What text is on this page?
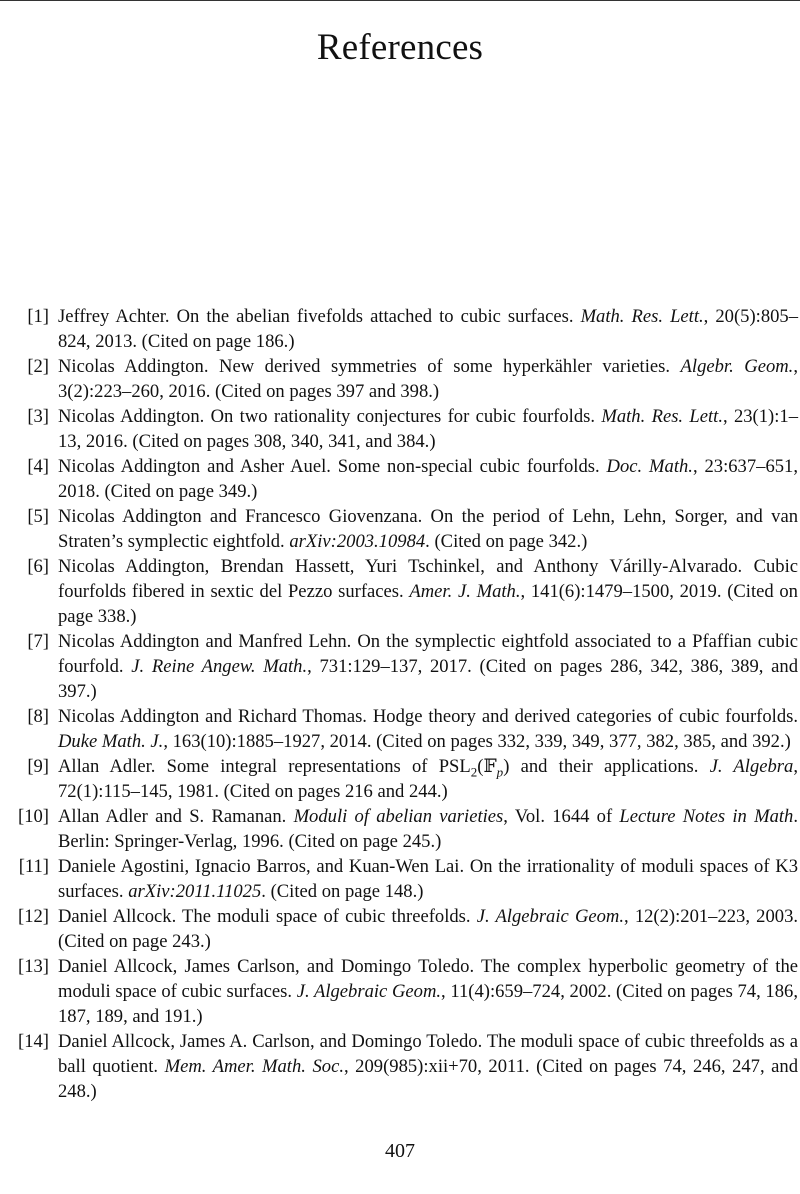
References
[1] Jeffrey Achter. On the abelian fivefolds attached to cubic surfaces. Math. Res. Lett., 20(5):805–824, 2013. (Cited on page 186.)
[2] Nicolas Addington. New derived symmetries of some hyperkähler varieties. Algebr. Geom., 3(2):223–260, 2016. (Cited on pages 397 and 398.)
[3] Nicolas Addington. On two rationality conjectures for cubic fourfolds. Math. Res. Lett., 23(1):1–13, 2016. (Cited on pages 308, 340, 341, and 384.)
[4] Nicolas Addington and Asher Auel. Some non-special cubic fourfolds. Doc. Math., 23:637–651, 2018. (Cited on page 349.)
[5] Nicolas Addington and Francesco Giovenzana. On the period of Lehn, Lehn, Sorger, and van Straten’s symplectic eightfold. arXiv:2003.10984. (Cited on page 342.)
[6] Nicolas Addington, Brendan Hassett, Yuri Tschinkel, and Anthony Várilly-Alvarado. Cubic fourfolds fibered in sextic del Pezzo surfaces. Amer. J. Math., 141(6):1479–1500, 2019. (Cited on page 338.)
[7] Nicolas Addington and Manfred Lehn. On the symplectic eightfold associated to a Pfaffian cubic fourfold. J. Reine Angew. Math., 731:129–137, 2017. (Cited on pages 286, 342, 386, 389, and 397.)
[8] Nicolas Addington and Richard Thomas. Hodge theory and derived categories of cubic fourfolds. Duke Math. J., 163(10):1885–1927, 2014. (Cited on pages 332, 339, 349, 377, 382, 385, and 392.)
[9] Allan Adler. Some integral representations of $PSL_2(𝔽_p)$ and their applications. J. Algebra, 72(1):115–145, 1981. (Cited on pages 216 and 244.)
[10] Allan Adler and S. Ramanan. Moduli of abelian varieties, Vol. 1644 of Lecture Notes in Math. Berlin: Springer-Verlag, 1996. (Cited on page 245.)
[11] Daniele Agostini, Ignacio Barros, and Kuan-Wen Lai. On the irrationality of moduli spaces of K3 surfaces. arXiv:2011.11025. (Cited on page 148.)
[12] Daniel Allcock. The moduli space of cubic threefolds. J. Algebraic Geom., 12(2):201–223, 2003. (Cited on page 243.)
[13] Daniel Allcock, James Carlson, and Domingo Toledo. The complex hyperbolic geometry of the moduli space of cubic surfaces. J. Algebraic Geom., 11(4):659–724, 2002. (Cited on pages 74, 186, 187, 189, and 191.)
[14] Daniel Allcock, James A. Carlson, and Domingo Toledo. The moduli space of cubic threefolds as a ball quotient. Mem. Amer. Math. Soc., 209(985):xii+70, 2011. (Cited on pages 74, 246, 247, and 248.)
407
